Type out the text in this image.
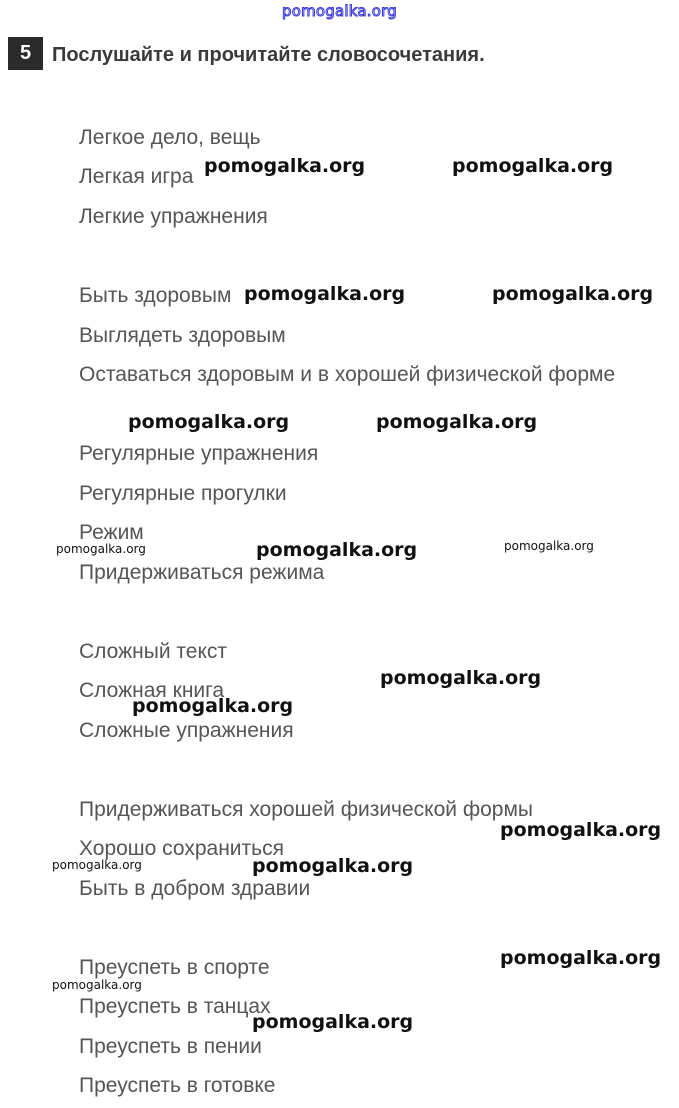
pomogalka.org
5	Послушайте и прочитайте словосочетания.
Легкое дело, вещь
Легкая игра
Легкие упражнения
Быть здоровым
Выглядеть здоровым
Оставаться здоровым и в хорошей физической форме
Регулярные упражнения
Регулярные прогулки
Режим
Придерживаться режима
Сложный текст
Сложная книга
Сложные упражнения
Придерживаться хорошей физической формы
Хорошо сохраниться
Быть в добром здравии
Преуспеть в спорте
Преуспеть в танцах
Преуспеть в пении
Преуспеть в готовке
pomogalka.org	pomogalka.org
pomogalka.org	pomogalka.org
pomogalka.org	pomogalka.org
pomogalka.org	pomogalka.org	pomogalka.org
pomogalka.org
pomogalka.org
pomogalka.org
pomogalka.org	pomogalka.org
pomogalka.org
pomogalka.org
pomogalka.org
